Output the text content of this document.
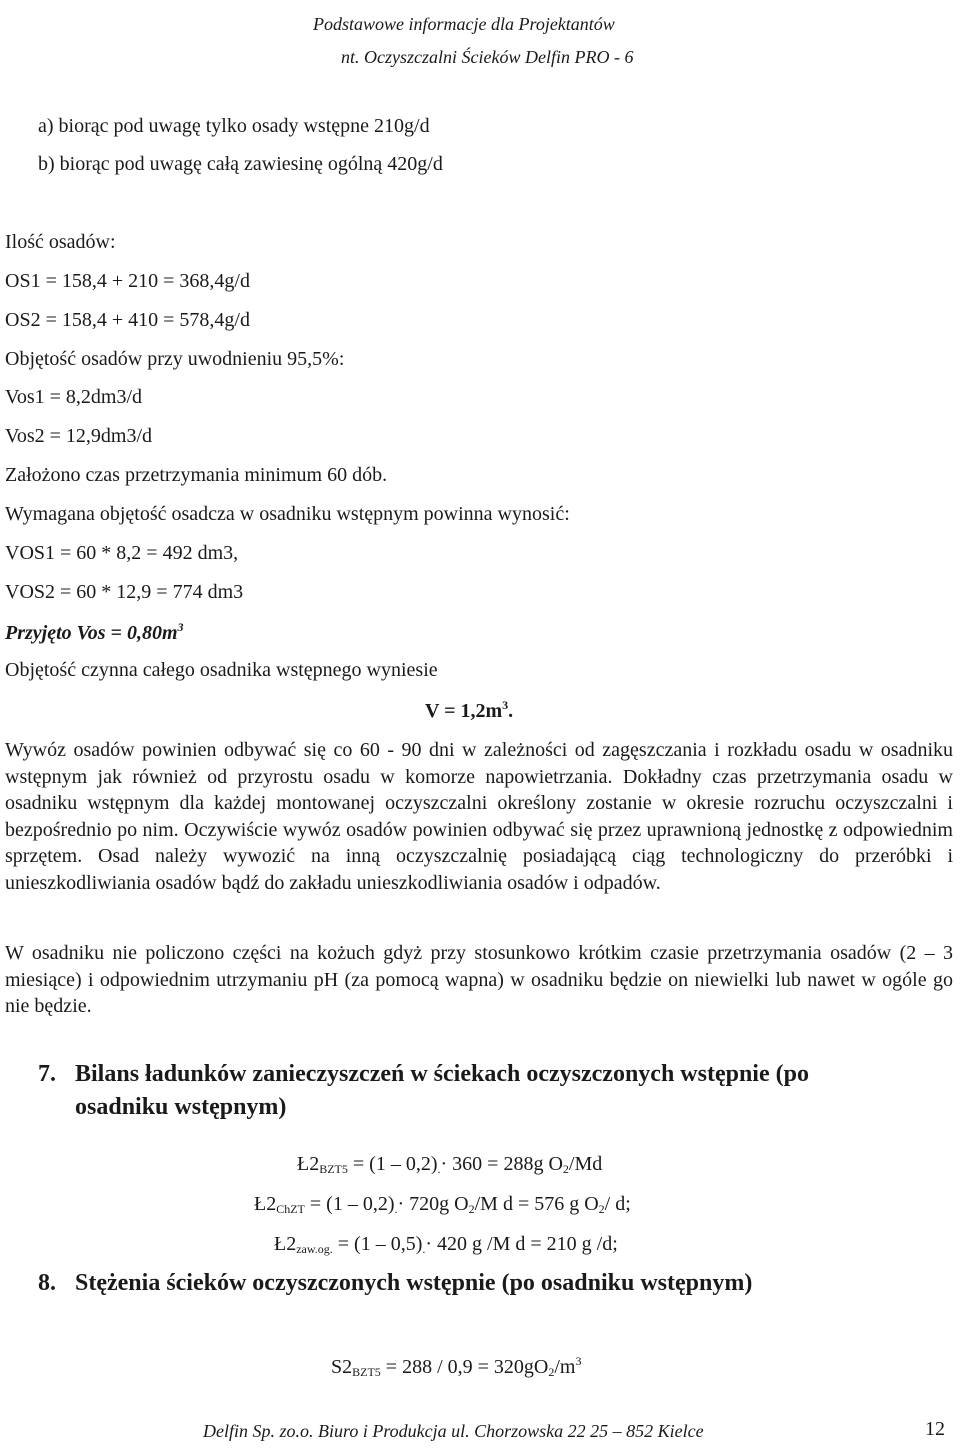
Podstawowe informacje dla Projektantów
nt. Oczyszczalni Ścieków Delfin PRO - 6
a) biorąc pod uwagę tylko osady wstępne 210g/d
b) biorąc pod uwagę całą zawiesinę ogólną 420g/d
Ilość osadów:
OS1 = 158,4 + 210 = 368,4g/d
OS2 = 158,4 + 410 = 578,4g/d
Objętość osadów przy uwodnieniu 95,5%:
Vos1 = 8,2dm3/d
Vos2 = 12,9dm3/d
Założono czas przetrzymania minimum 60 dób.
Wymagana objętość osadcza w osadniku wstępnym powinna wynosić:
VOS1 = 60 * 8,2 = 492 dm3,
VOS2 = 60 * 12,9 = 774 dm3
Przyjęto Vos = $0,80m^3$
Objętość czynna całego osadnika wstępnego wyniesie
$V = 1,2m^3$.
Wywóz osadów powinien odbywać się co 60 - 90 dni w zależności od zagęszczania i rozkładu osadu w osadniku wstępnym jak również od przyrostu osadu w komorze napowietrzania. Dokładny czas przetrzymania osadu w osadniku wstępnym dla każdej montowanej oczyszczalni określony zostanie w okresie rozruchu oczyszczalni i bezpośrednio po nim. Oczywiście wywóz osadów powinien odbywać się przez uprawnioną jednostkę z odpowiednim sprzętem. Osad należy wywozić na inną oczyszczalnię posiadającą ciąg technologiczny do przeróbki i unieszkodliwiania osadów bądź do zakładu unieszkodliwiania osadów i odpadów.
W osadniku nie policzono części na kożuch gdyż przy stosunkowo krótkim czasie przetrzymania osadów (2 – 3 miesiące) i odpowiednim utrzymaniu pH (za pomocą wapna) w osadniku będzie on niewielki lub nawet w ogóle go nie będzie.
7. Bilans ładunków zanieczyszczeń w ściekach oczyszczonych wstępnie (po
osadniku wstępnym)
$Ł2_{BZT5} = (1 - 0,2)_.\cdot 360 = 288g$ $O_2/Md$
$Ł2_{ChZT} = (1 - 0,2)_.\cdot 720g$ $O_2/M$ d = 576 g $O_2/$ d;
$Ł2_{zaw.og.} = (1 - 0,5)_.\cdot 420$ g /M d = 210 g /d;
8. Stężenia ścieków oczyszczonych wstępnie (po osadniku wstępnym)
$S2_{BZT5} = 288 / 0,9 = 320gO_2/m^3$
Delfin Sp. zo.o. Biuro i Produkcja ul. Chorzowska 22 25 – 852 Kielce	12
